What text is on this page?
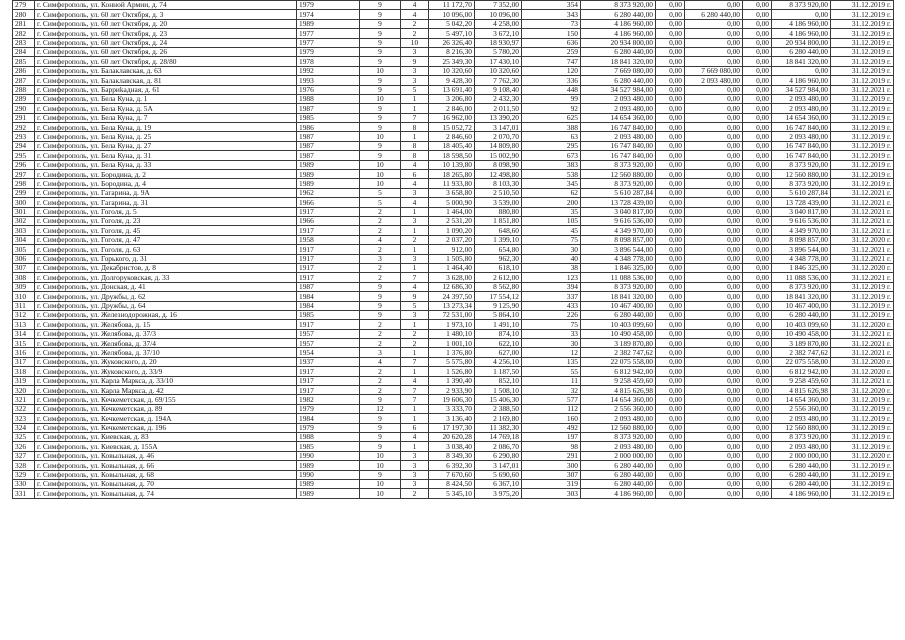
279	г. Симферополь, ул. Конной Армии, д. 74	1979	9	4	11 172,70	7 352,00	354	8 373 920,00	0,00	0,00	0,00	8 373 920,00	31.12.2019 г.
280	г. Симферополь, ул. 60 лет Октября, д. 3	1974	9	4	10 096,00	10 096,00	343	6 280 440,00	0,00	6 280 440,00	0,00	0,00	31.12.2019 г.
281	г. Симферополь, ул. 60 лет Октября, д. 20	1989	9	2	5 042,20	4 258,00	73	4 186 960,00	0,00	0,00	0,00	4 186 960,00	31.12.2019 г.
282	г. Симферополь, ул. 60 лет Октября, д. 23	1977	9	2	5 497,10	3 672,10	150	4 186 960,00	0,00	0,00	0,00	4 186 960,00	31.12.2019 г.
283	г. Симферополь, ул. 60 лет Октября, д. 24	1977	9	10	26 326,40	18 930,97	636	20 934 800,00	0,00	0,00	0,00	20 934 800,00	31.12.2019 г.
284	г. Симферополь, ул. 60 лет Октября, д. 26	1979	9	3	8 216,30	5 780,20	259	6 280 440,00	0,00	0,00	0,00	6 280 440,00	31.12.2019 г.
285	г. Симферополь, ул. 60 лет Октября, д. 28/80	1978	9	9	25 349,30	17 430,10	747	18 841 320,00	0,00	0,00	0,00	18 841 320,00	31.12.2019 г.
286	г. Симферополь, ул. Балаклавская, д. 63	1992	10	3	10 320,60	10 320,60	120	7 669 080,00	0,00	7 669 080,00	0,00	0,00	31.12.2019 г.
287	г. Симферополь, ул. Балаклавская, д. 81	1993	9	3	9 428,30	7 762,30	336	6 280 440,00	0,00	2 093 480,00	0,00	4 186 960,00	31.12.2019 г.
288	г. Симферополь, ул. Барриkадная, д. 61	1976	9	5	13 691,40	9 108,40	448	34 527 984,00	0,00	0,00	0,00	34 527 984,00	31.12.2021 г.
289	г. Симферополь, ул. Бела Куна, д. 1	1988	10	1	3 206,80	2 432,30	99	2 093 480,00	0,00	0,00	0,00	2 093 480,00	31.12.2019 г.
290	г. Симферополь, ул. Бела Куна, д. 5А	1987	9	1	2 846,00	2 011,50	92	2 093 480,00	0,00	0,00	0,00	2 093 480,00	31.12.2019 г.
291	г. Симферополь, ул. Бела Куна, д. 7	1985	9	7	16 962,00	13 390,20	625	14 654 360,00	0,00	0,00	0,00	14 654 360,00	31.12.2019 г.
292	г. Симферополь, ул. Бела Куна, д. 19	1986	9	8	15 052,72	3 147,01	388	16 747 840,00	0,00	0,00	0,00	16 747 840,00	31.12.2019 г.
293	г. Симферополь, ул. Бела Куна, д. 25	1987	10	1	2 846,60	2 070,70	63	2 093 480,00	0,00	0,00	0,00	2 093 480,00	31.12.2019 г.
294	г. Симферополь, ул. Бела Куна, д. 27	1987	9	8	18 405,40	14 809,80	295	16 747 840,00	0,00	0,00	0,00	16 747 840,00	31.12.2019 г.
295	г. Симферополь, ул. Бела Куна, д. 31	1987	9	8	18 598,50	15 002,90	673	16 747 840,00	0,00	0,00	0,00	16 747 840,00	31.12.2019 г.
296	г. Симферополь, ул. Бела Куна, д. 33	1989	10	4	10 139,80	8 098,90	383	8 373 920,00	0,00	0,00	0,00	8 373 920,00	31.12.2019 г.
297	г. Симферополь, ул. Бородина, д. 2	1989	10	6	18 265,80	12 498,80	538	12 560 880,00	0,00	0,00	0,00	12 560 880,00	31.12.2019 г.
298	г. Симферополь, ул. Бородина, д. 4	1989	10	4	11 933,80	8 103,30	345	8 373 920,00	0,00	0,00	0,00	8 373 920,00	31.12.2019 г.
299	г. Симферополь, ул. Гагарина, д. 9А	1962	5	3	3 658,80	2 510,50	62	5 610 287,84	0,00	0,00	0,00	5 610 287,84	31.12.2021 г.
300	г. Симферополь, ул. Гагарина, д. 31	1966	5	4	5 000,90	3 539,00	200	13 728 439,00	0,00	0,00	0,00	13 728 439,00	31.12.2021 г.
301	г. Симферополь, ул. Гоголя, д. 5	1917	2	1	1 464,00	880,80	35	3 040 817,00	0,00	0,00	0,00	3 040 817,00	31.12.2021 г.
302	г. Симферополь, ул. Гоголя, д. 23	1966	2	3	2 531,20	1 851,80	105	9 616 536,00	0,00	0,00	0,00	9 616 536,00	31.12.2021 г.
303	г. Симферополь, ул. Гоголя, д. 45	1917	2	1	1 090,20	648,60	45	4 349 970,00	0,00	0,00	0,00	4 349 970,00	31.12.2021 г.
304	г. Симферополь, ул. Гоголя, д. 47	1958	4	2	2 037,20	1 399,10	75	8 098 857,00	0,00	0,00	0,00	8 098 857,00	31.12.2020 г.
305	г. Симферополь, ул. Гоголя, д. 63	1917	2	1	912,00	654,80	30	3 896 544,00	0,00	0,00	0,00	3 896 544,00	31.12.2021 г.
306	г. Симферополь, ул. Горького, д. 31	1917	3	3	1 505,80	962,30	40	4 348 778,00	0,00	0,00	0,00	4 348 778,00	31.12.2021 г.
307	г. Симферополь, ул. Декабристов, д. 8	1917	2	1	1 464,40	618,10	38	1 846 325,00	0,00	0,00	0,00	1 846 325,00	31.12.2020 г.
308	г. Симферополь, ул. Долгоруковская, д. 33	1917	2	7	3 628,00	2 612,00	123	11 088 536,00	0,00	0,00	0,00	11 088 536,00	31.12.2021 г.
309	г. Симферополь, ул. Донская, д. 41	1987	9	4	12 686,30	8 562,80	394	8 373 920,00	0,00	0,00	0,00	8 373 920,00	31.12.2019 г.
310	г. Симферополь, ул. Дружбы, д. 62	1984	9	9	24 397,50	17 554,12	337	18 841 320,00	0,00	0,00	0,00	18 841 320,00	31.12.2019 г.
311	г. Симферополь, ул. Дружбы, д. 64	1984	9	5	13 273,34	9 125,90	433	10 467 400,00	0,00	0,00	0,00	10 467 400,00	31.12.2019 г.
312	г. Симферополь, ул. Железнодорожная, д. 16	1985	9	3	72 531,00	5 864,10	226	6 280 440,00	0,00	0,00	0,00	6 280 440,00	31.12.2019 г.
313	г. Симферополь, ул. Желябова, д. 15	1917	2	1	1 973,10	1 491,10	75	10 403 099,60	0,00	0,00	0,00	10 403 099,60	31.12.2020 г.
314	г. Симферополь, ул. Желябова, д. 37/3	1957	2	2	1 480,10	874,10	33	10 490 458,00	0,00	0,00	0,00	10 490 458,00	31.12.2021 г.
315	г. Симферополь, ул. Желябова, д. 37/4	1957	2	2	1 001,10	622,10	30	3 189 870,80	0,00	0,00	0,00	3 189 870,80	31.12.2021 г.
316	г. Симферополь, ул. Желябова, д. 37/10	1954	3	1	1 376,80	627,00	12	2 382 747,62	0,00	0,00	0,00	2 382 747,62	31.12.2021 г.
317	г. Симферополь, ул. Жуковского, д. 20	1937	4	7	5 575,80	4 256,10	135	22 075 558,00	0,00	0,00	0,00	22 075 558,00	31.12.2020 г.
318	г. Симферополь, ул. Жуковского, д. 33/9	1917	2	1	1 526,80	1 187,50	55	6 812 942,00	0,00	0,00	0,00	6 812 942,00	31.12.2020 г.
319	г. Симферополь, ул. Карла Маркса, д. 33/10	1917	2	4	1 390,40	852,10	11	9 258 459,60	0,00	0,00	0,00	9 258 459,60	31.12.2021 г.
320	г. Симферополь, ул. Карла Маркса, д. 42	1917	2	7	2 933,90	1 508,10	32	4 815 626,98	0,00	0,00	0,00	4 815 626,98	31.12.2020 г.
321	г. Симферополь, ул. Кечкеметская, д. 69/155	1982	9	7	19 606,30	15 406,30	577	14 654 360,00	0,00	0,00	0,00	14 654 360,00	31.12.2019 г.
322	г. Симферополь, ул. Кечкеметская, д. 89	1979	12	1	3 333,70	2 388,50	112	2 556 360,00	0,00	0,00	0,00	2 556 360,00	31.12.2019 г.
323	г. Симферополь, ул. Кечкеметская, д. 194А	1984	9	1	3 136,40	2 169,80	160	2 093 480,00	0,00	0,00	0,00	2 093 480,00	31.12.2019 г.
324	г. Симферополь, ул. Кечкеметская, д. 196	1979	9	6	17 197,30	11 382,30	492	12 560 880,00	0,00	0,00	0,00	12 560 880,00	31.12.2019 г.
325	г. Симферополь, ул. Киевская, д. 83	1988	9	4	20 620,28	14 769,18	197	8 373 920,00	0,00	0,00	0,00	8 373 920,00	31.12.2019 г.
326	г. Симферополь, ул. Киевская, д. 155А	1985	9	1	3 038,40	2 086,70	98	2 093 480,00	0,00	0,00	0,00	2 093 480,00	31.12.2019 г.
327	г. Симферополь, ул. Ковыльная, д. 46	1990	10	3	8 349,30	6 290,80	291	2 000 000,00	0,00	0,00	0,00	2 000 000,00	31.12.2020 г.
328	г. Симферополь, ул. Ковыльная, д. 66	1989	10	3	6 392,30	3 147,01	300	6 280 440,00	0,00	0,00	0,00	6 280 440,00	31.12.2019 г.
329	г. Симферополь, ул. Ковыльная, д. 68	1990	9	3	7 670,60	5 690,60	307	6 280 440,00	0,00	0,00	0,00	6 280 440,00	31.12.2019 г.
330	г. Симферополь, ул. Ковыльная, д. 70	1989	10	3	8 424,50	6 367,10	319	6 280 440,00	0,00	0,00	0,00	6 280 440,00	31.12.2019 г.
331	г. Симферополь, ул. Ковыльная, д. 74	1989	10	2	5 345,10	3 975,20	303	4 186 960,00	0,00	0,00	0,00	4 186 960,00	31.12.2019 г.
